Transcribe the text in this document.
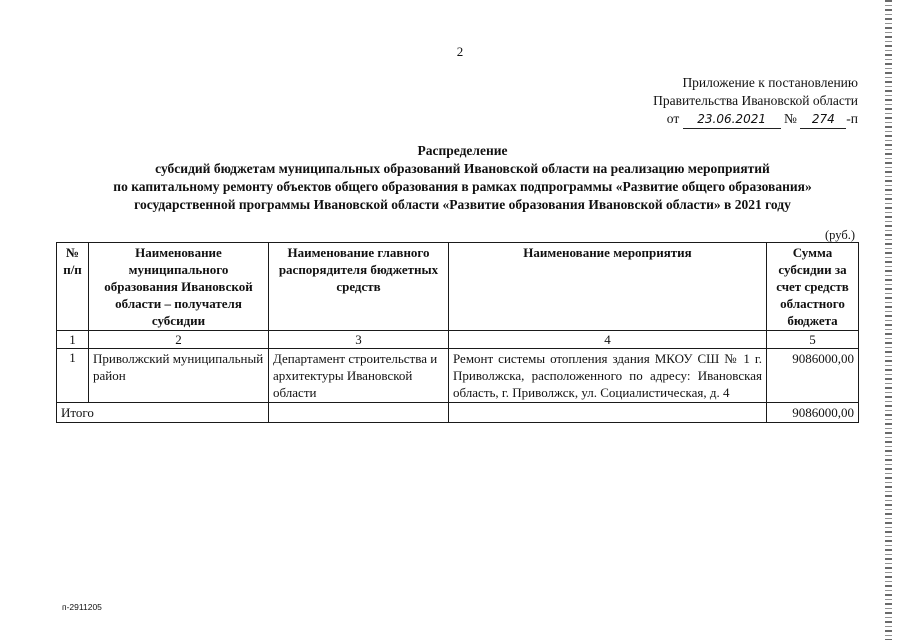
2
Приложение к постановлению
Правительства Ивановской области
от 23.06.2021 № 274 -п
Распределение
субсидий бюджетам муниципальных образований Ивановской области на реализацию мероприятий
по капитальному ремонту объектов общего образования в рамках подпрограммы «Развитие общего образования»
государственной программы Ивановской области «Развитие образования Ивановской области» в 2021 году
(руб.)
№ п/п	Наименование муниципального образования Ивановской области – получателя субсидии	Наименование главного распорядителя бюджетных средств	Наименование мероприятия	Сумма субсидии за счет средств областного бюджета
1	2	3	4	5
1	Приволжский муниципальный район	Департамент строительства и архитектуры Ивановской области	Ремонт системы отопления здания МКОУ СШ № 1 г. Приволжска, расположенного по адресу: Ивановская область, г. Приволжск, ул. Социалистическая, д. 4	9086000,00
Итого				9086000,00
п-2911205
